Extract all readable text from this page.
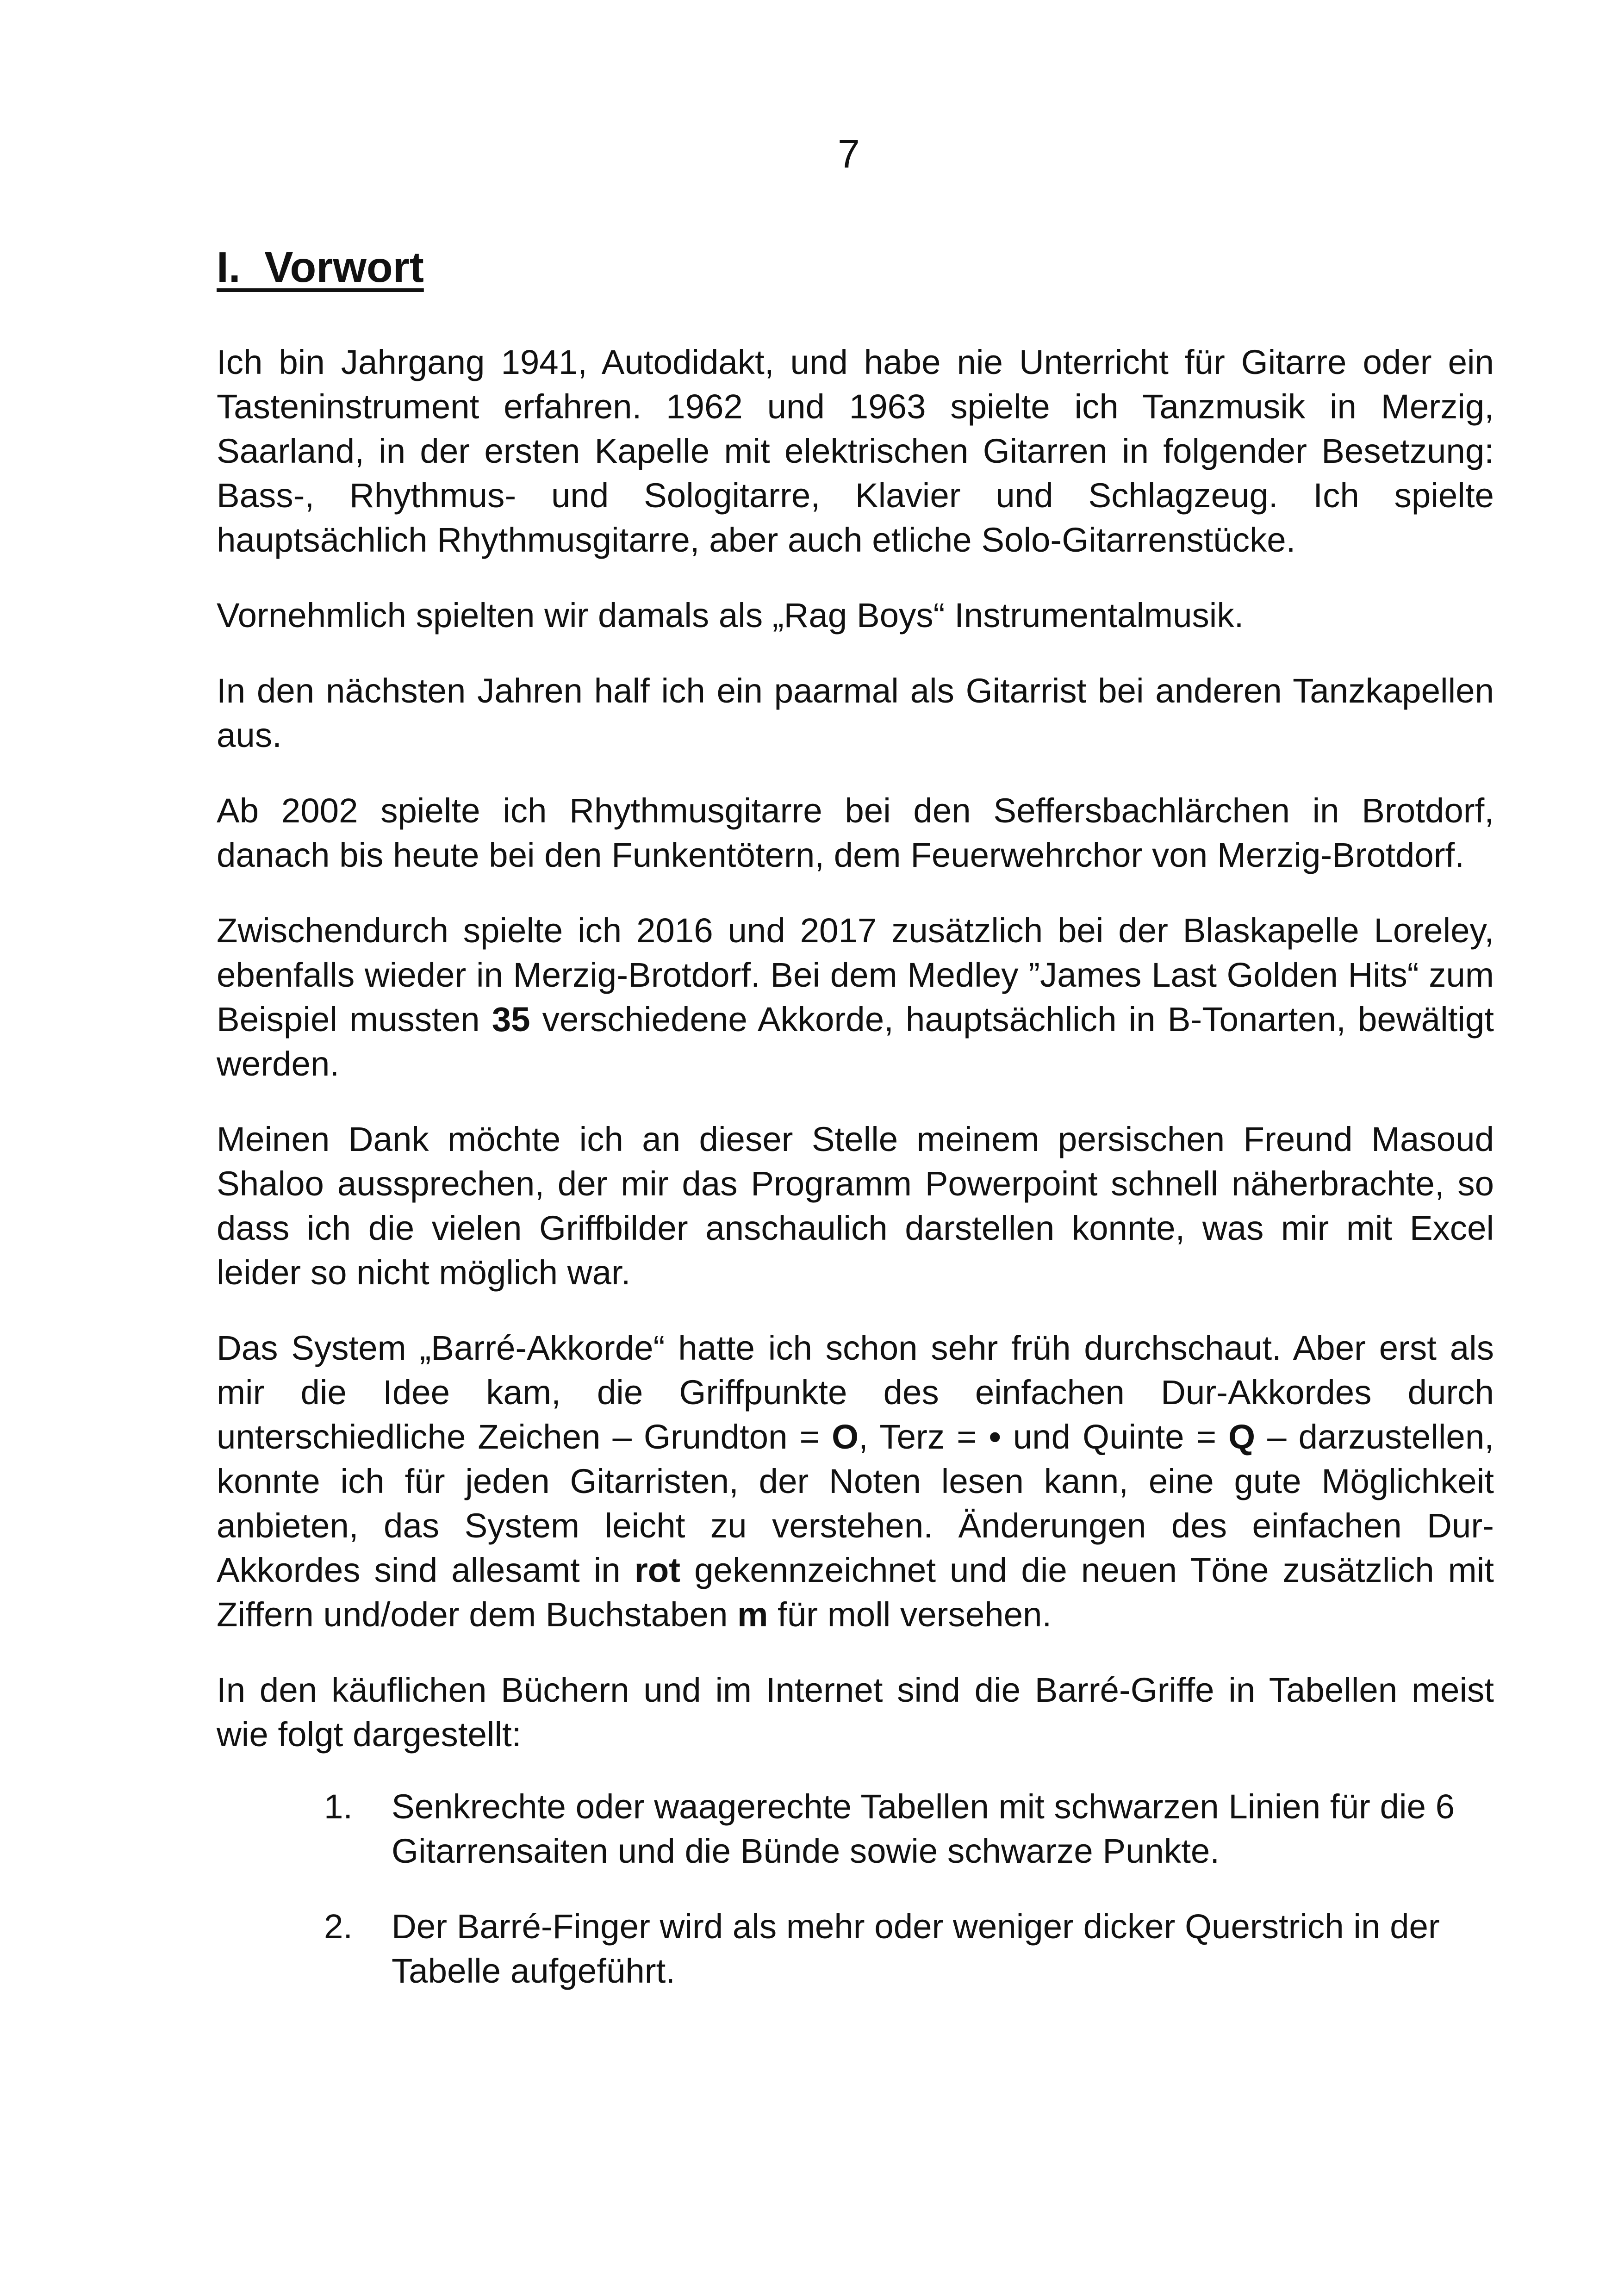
7
I.  Vorwort

Ich bin Jahrgang 1941, Autodidakt, und habe nie Unterricht für Gitarre oder ein Tasteninstrument erfahren. 1962 und 1963 spielte ich Tanzmusik in Merzig, Saarland, in der ersten Kapelle mit elektrischen Gitarren in folgender Besetzung: Bass-, Rhythmus- und Sologitarre, Klavier und Schlagzeug. Ich spielte hauptsächlich Rhythmusgitarre, aber auch etliche Solo-Gitarrenstücke.

Vornehmlich spielten wir damals als „Rag Boys“ Instrumentalmusik.

In den nächsten Jahren half ich ein paarmal als Gitarrist bei anderen Tanzkapellen aus.

Ab 2002 spielte ich Rhythmusgitarre bei den Seffersbachlärchen in Brotdorf, danach bis heute bei den Funkentötern, dem Feuerwehrchor von Merzig-Brotdorf.

Zwischendurch spielte ich 2016 und 2017 zusätzlich bei der Blaskapelle Loreley, ebenfalls wieder in Merzig-Brotdorf. Bei dem Medley ”James Last Golden Hits“ zum Beispiel mussten 35 verschiedene Akkorde, hauptsächlich in B-Tonarten, bewältigt werden.

Meinen Dank möchte ich an dieser Stelle meinem persischen Freund Masoud Shaloo aussprechen, der mir das Programm Powerpoint schnell näherbrachte, so dass ich die vielen Griffbilder anschaulich darstellen konnte, was mir mit Excel leider so nicht möglich war.

Das System „Barré-Akkorde“ hatte ich schon sehr früh durchschaut. Aber erst als mir die Idee kam, die Griffpunkte des einfachen Dur-Akkordes durch unterschiedliche Zeichen – Grundton = O, Terz = • und Quinte = Q – darzustellen, konnte ich für jeden Gitarristen, der Noten lesen kann, eine gute Möglichkeit anbieten, das System leicht zu verstehen. Änderungen des einfachen Dur-Akkordes sind allesamt in rot gekennzeichnet und die neuen Töne zusätzlich mit Ziffern und/oder dem Buchstaben m für moll versehen.

In den käuflichen Büchern und im Internet sind die Barré-Griffe in Tabellen meist wie folgt dargestellt:

1. Senkrechte oder waagerechte Tabellen mit schwarzen Linien für die 6 Gitarrensaiten und die Bünde sowie schwarze Punkte.
2. Der Barré-Finger wird als mehr oder weniger dicker Querstrich in der Tabelle aufgeführt.
